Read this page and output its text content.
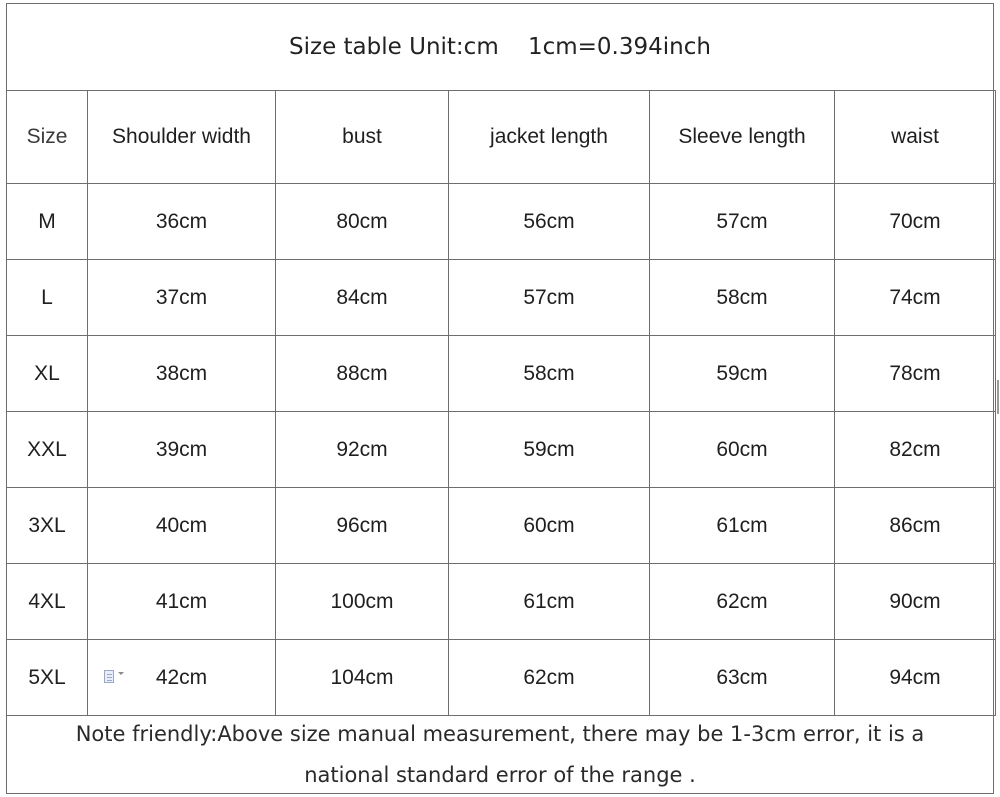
Size table Unit:cm    1cm=0.394inch
Size	Shoulder width	bust	jacket length	Sleeve length	waist
M	36cm	80cm	56cm	57cm	70cm
L	37cm	84cm	57cm	58cm	74cm
XL	38cm	88cm	58cm	59cm	78cm
XXL	39cm	92cm	59cm	60cm	82cm
3XL	40cm	96cm	60cm	61cm	86cm
4XL	41cm	100cm	61cm	62cm	90cm
5XL	42cm	104cm	62cm	63cm	94cm
Note friendly:Above size manual measurement, there may be 1-3cm error, it is a
national standard error of the range .
